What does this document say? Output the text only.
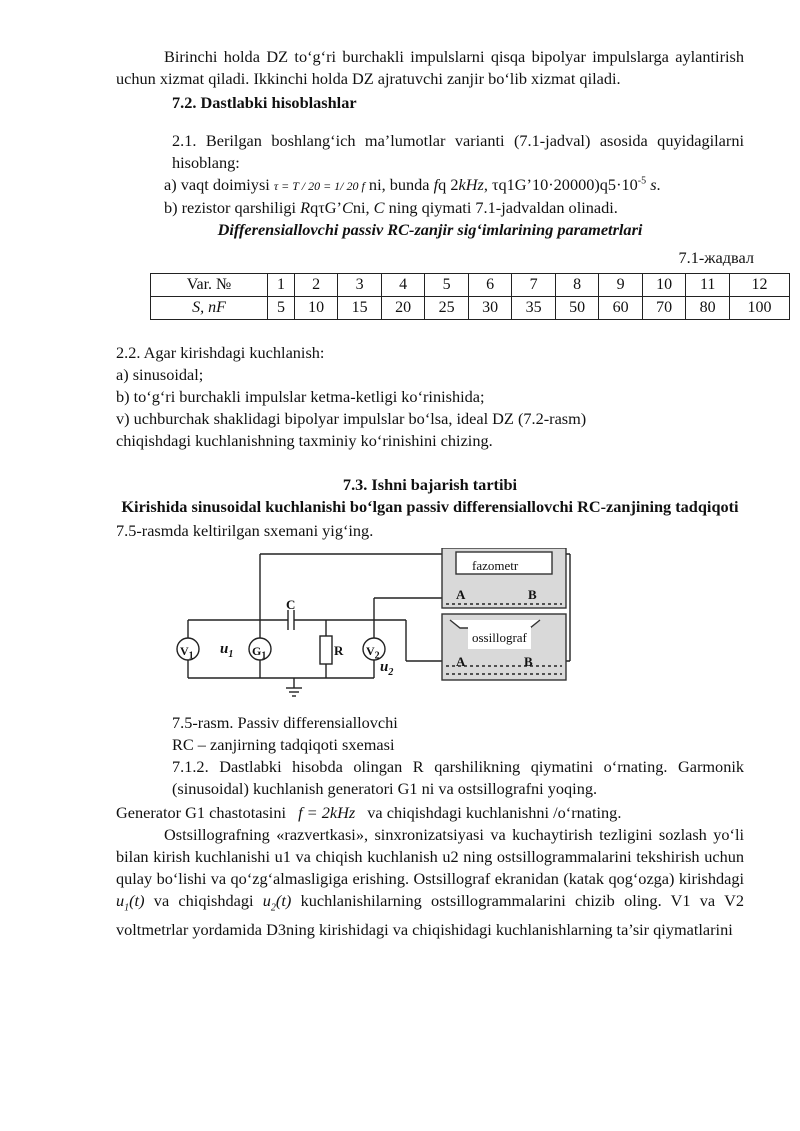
Birinchi holda DZ to‘g‘ri burchakli impulslarni qisqa bipolyar impulslarga aylantirish uchun xizmat qiladi. Ikkinchi holda DZ ajratuvchi zanjir bo‘lib xizmat qiladi.

7.2. Dastlabki hisoblashlar

2.1. Berilgan boshlang‘ich ma’lumotlar varianti (7.1-jadval) asosida quyidagilarni hisoblang:

a) vaqt doimiysi τ = T / 20 = 1/ 20 f ni, bunda fq 2kHz, $\tau q1G’10\cdot 20000)q5\cdot 10^{-5}$ s.

b) rezistor qarshiligi RqτG’Cni, C ning qiymati 7.1-jadvaldan olinadi.

Differensiallovchi passiv RC-zanjir sig‘imlarining parametrlari

7.1-жадвал

Var. №	1	2	3	4	5	6	7	8	9	10	11	12
S, nF	5	10	15	20	25	30	35	50	60	70	80	100

2.2. Agar kirishdagi kuchlanish:

a) sinusoidal;

b) to‘g‘ri burchakli impulslar ketma-ketligi ko‘rinishida;

v) uchburchak shaklidagi bipolyar impulslar bo‘lsa, ideal DZ (7.2-rasm)

chiqishdagi kuchlanishning taxminiy ko‘rinishini chizing.

7.3. Ishni bajarish tartibi

Kirishida sinusoidal kuchlanishi bo‘lgan passiv differensiallovchi RC-zanjining tadqiqoti

7.5-rasmda keltirilgan sxemani yig‘ing.

fazometr
ossillograf
A	B
A	B
C
R
$V_1$	$G_1$	$V_2$
$u_1$
$u_2$

7.5-rasm. Passiv differensiallovchi

RC – zanjirning tadqiqoti sxemasi

7.1.2. Dastlabki hisobda olingan R qarshilikning qiymatini o‘rnating. Garmonik (sinusoidal) kuchlanish generatori G1 ni va ostsillografni yoqing.

Generator G1 chastotasini f = 2kHz va chiqishdagi kuchlanishni /o‘rnating.

Ostsillografning «razvertkasi», sinxronizatsiyasi va kuchaytirish tezligini sozlash yo‘li bilan kirish kuchlanishi u1 va chiqish kuchlanish u2 ning ostsillogrammalarini tekshirish uchun qulay bo‘lishi va qo‘zg‘almasligiga erishing. Ostsillograf ekranidan (katak qog‘ozga) kirishdagi $u_1(t)$ va chiqishdagi $u_2(t)$ kuchlanishilarning ostsillogrammalarini chizib oling. V1 va V2 voltmetrlar yordamida D3ning kirishidagi va chiqishidagi kuchlanishlarning ta’sir qiymatlarini
